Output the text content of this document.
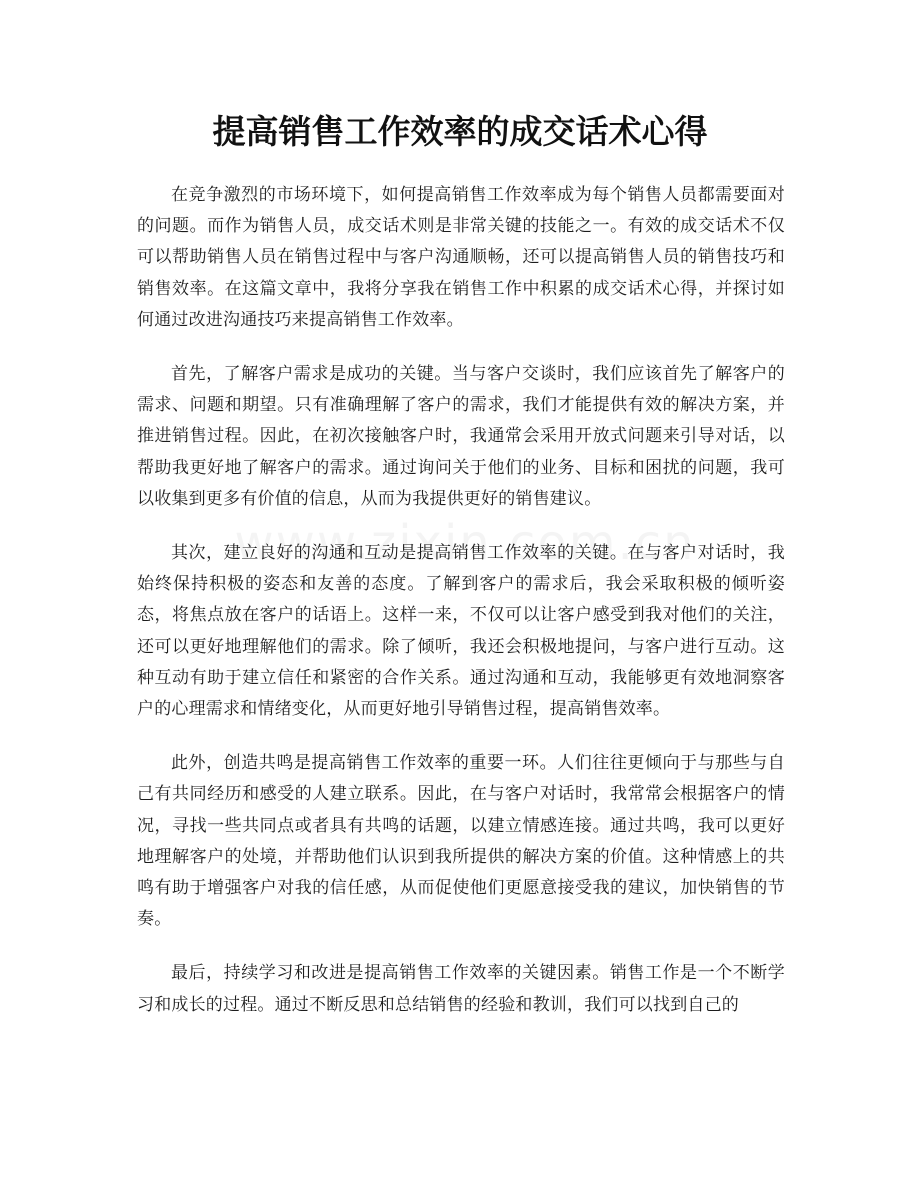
提高销售工作效率的成交话术心得

在竞争激烈的市场环境下，如何提高销售工作效率成为每个销售人员都需要面对的问题。而作为销售人员，成交话术则是非常关键的技能之一。有效的成交话术不仅可以帮助销售人员在销售过程中与客户沟通顺畅，还可以提高销售人员的销售技巧和销售效率。在这篇文章中，我将分享我在销售工作中积累的成交话术心得，并探讨如何通过改进沟通技巧来提高销售工作效率。

首先，了解客户需求是成功的关键。当与客户交谈时，我们应该首先了解客户的需求、问题和期望。只有准确理解了客户的需求，我们才能提供有效的解决方案，并推进销售过程。因此，在初次接触客户时，我通常会采用开放式问题来引导对话，以帮助我更好地了解客户的需求。通过询问关于他们的业务、目标和困扰的问题，我可以收集到更多有价值的信息，从而为我提供更好的销售建议。

其次，建立良好的沟通和互动是提高销售工作效率的关键。在与客户对话时，我始终保持积极的姿态和友善的态度。了解到客户的需求后，我会采取积极的倾听姿态，将焦点放在客户的话语上。这样一来，不仅可以让客户感受到我对他们的关注，还可以更好地理解他们的需求。除了倾听，我还会积极地提问，与客户进行互动。这种互动有助于建立信任和紧密的合作关系。通过沟通和互动，我能够更有效地洞察客户的心理需求和情绪变化，从而更好地引导销售过程，提高销售效率。

此外，创造共鸣是提高销售工作效率的重要一环。人们往往更倾向于与那些与自己有共同经历和感受的人建立联系。因此，在与客户对话时，我常常会根据客户的情况，寻找一些共同点或者具有共鸣的话题，以建立情感连接。通过共鸣，我可以更好地理解客户的处境，并帮助他们认识到我所提供的解决方案的价值。这种情感上的共鸣有助于增强客户对我的信任感，从而促使他们更愿意接受我的建议，加快销售的节奏。

最后，持续学习和改进是提高销售工作效率的关键因素。销售工作是一个不断学习和成长的过程。通过不断反思和总结销售的经验和教训，我们可以找到自己的
